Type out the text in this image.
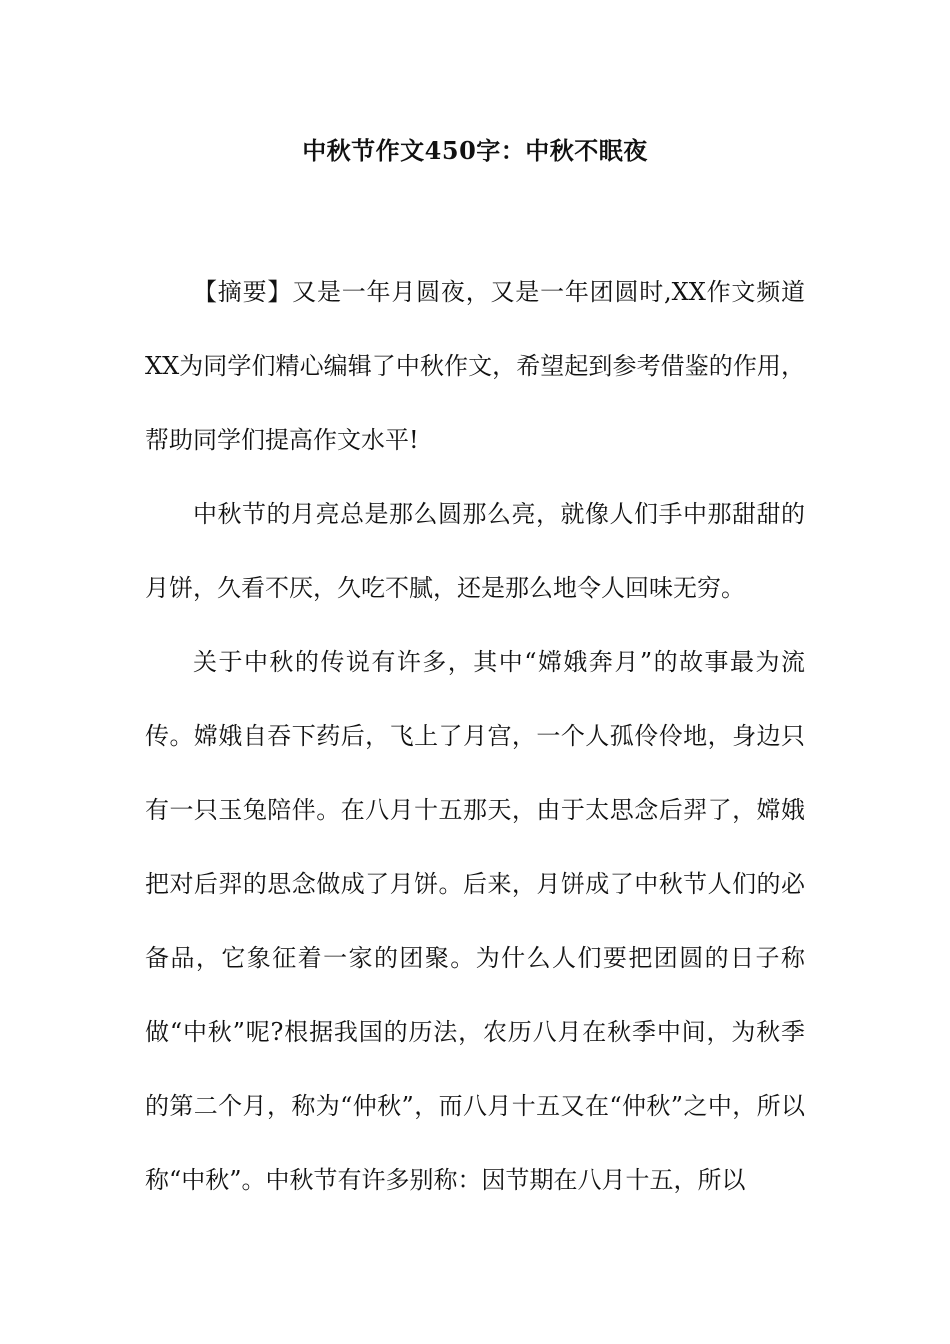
中秋节作文450字：中秋不眠夜

【摘要】又是一年月圆夜，又是一年团圆时,XX作文频道XX为同学们精心编辑了中秋作文，希望起到参考借鉴的作用，帮助同学们提高作文水平!

中秋节的月亮总是那么圆那么亮，就像人们手中那甜甜的月饼，久看不厌，久吃不腻，还是那么地令人回味无穷。

关于中秋的传说有许多，其中“嫦娥奔月”的故事最为流传。嫦娥自吞下药后，飞上了月宫，一个人孤伶伶地，身边只有一只玉兔陪伴。在八月十五那天，由于太思念后羿了，嫦娥把对后羿的思念做成了月饼。后来，月饼成了中秋节人们的必备品，它象征着一家的团聚。为什么人们要把团圆的日子称做“中秋”呢?根据我国的历法，农历八月在秋季中间，为秋季的第二个月，称为“仲秋”，而八月十五又在“仲秋”之中，所以称“中秋”。中秋节有许多别称：因节期在八月十五，所以
